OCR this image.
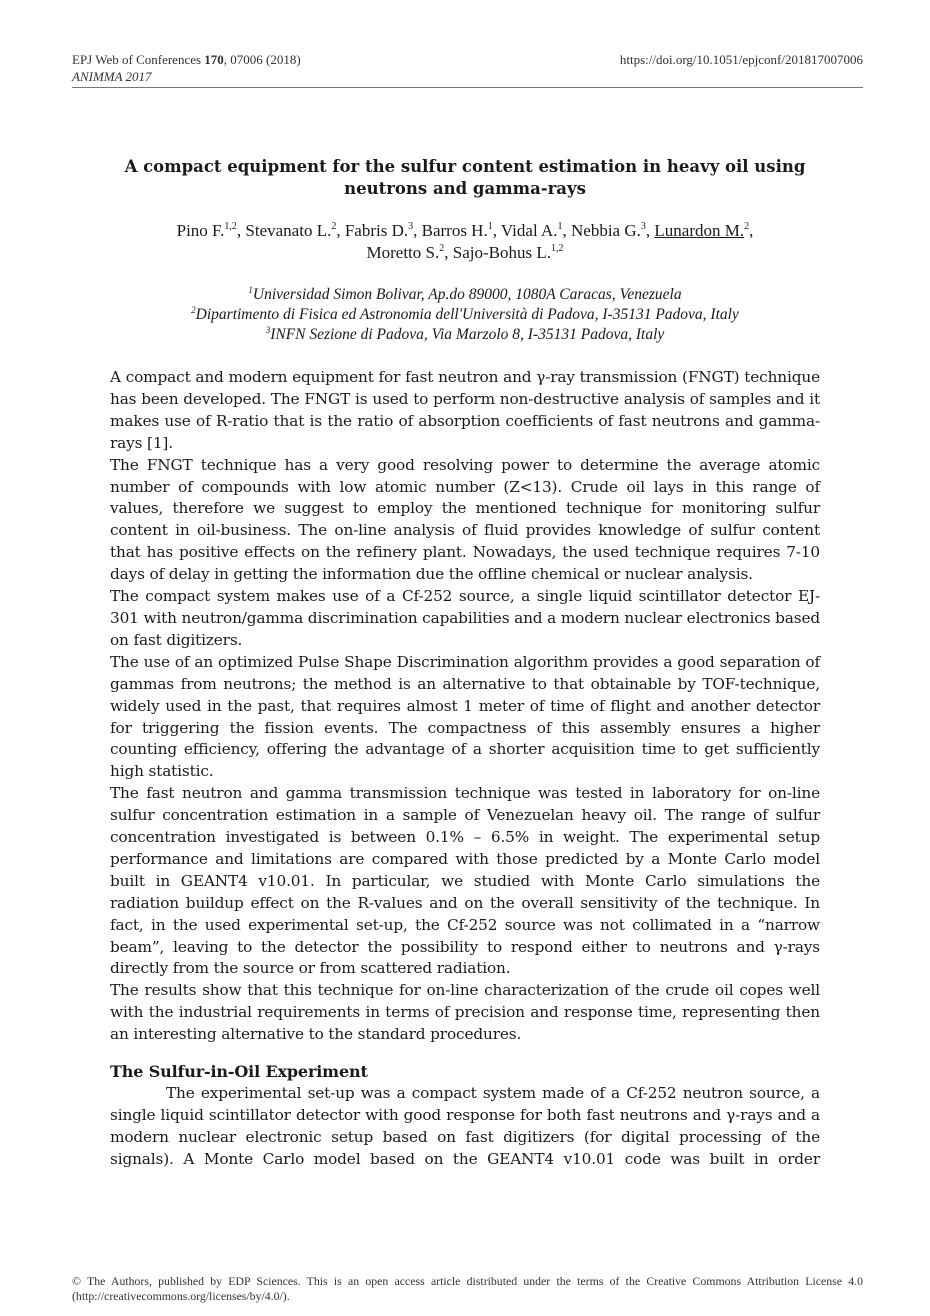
EPJ Web of Conferences 170, 07006 (2018)
ANIMMA 2017
https://doi.org/10.1051/epjconf/201817007006
A compact equipment for the sulfur content estimation in heavy oil using neutrons and gamma-rays
Pino F.$^{1,2}$, Stevanato L.$^2$, Fabris D.$^3$, Barros H.$^1$, Vidal A.$^1$, Nebbia G.$^3$, Lunardon M.$^2$,
Moretto S.$^2$, Sajo-Bohus L.$^{1,2}$
$^1$Universidad Simon Bolivar, Ap.do 89000, 1080A Caracas, Venezuela
$^2$Dipartimento di Fisica ed Astronomia dell'Università di Padova, I-35131 Padova, Italy
$^3$INFN Sezione di Padova, Via Marzolo 8, I-35131 Padova, Italy

A compact and modern equipment for fast neutron and γ-ray transmission (FNGT) technique has been developed. The FNGT is used to perform non-destructive analysis of samples and it makes use of R-ratio that is the ratio of absorption coefficients of fast neutrons and gamma-rays [1].

The FNGT technique has a very good resolving power to determine the average atomic number of compounds with low atomic number (Z<13). Crude oil lays in this range of values, therefore we suggest to employ the mentioned technique for monitoring sulfur content in oil-business. The on-line analysis of fluid provides knowledge of sulfur content that has positive effects on the refinery plant. Nowadays, the used technique requires 7-10 days of delay in getting the information due the offline chemical or nuclear analysis.

The compact system makes use of a Cf-252 source, a single liquid scintillator detector EJ-301 with neutron/gamma discrimination capabilities and a modern nuclear electronics based on fast digitizers.

The use of an optimized Pulse Shape Discrimination algorithm provides a good separation of gammas from neutrons; the method is an alternative to that obtainable by TOF-technique, widely used in the past, that requires almost 1 meter of time of flight and another detector for triggering the fission events. The compactness of this assembly ensures a higher counting efficiency, offering the advantage of a shorter acquisition time to get sufficiently high statistic.

The fast neutron and gamma transmission technique was tested in laboratory for on-line sulfur concentration estimation in a sample of Venezuelan heavy oil. The range of sulfur concentration investigated is between 0.1% – 6.5% in weight. The experimental setup performance and limitations are compared with those predicted by a Monte Carlo model built in GEANT4 v10.01. In particular, we studied with Monte Carlo simulations the radiation buildup effect on the R-values and on the overall sensitivity of the technique. In fact, in the used experimental set-up, the Cf-252 source was not collimated in a “narrow beam”, leaving to the detector the possibility to respond either to neutrons and γ-rays directly from the source or from scattered radiation.

The results show that this technique for on-line characterization of the crude oil copes well with the industrial requirements in terms of precision and response time, representing then an interesting alternative to the standard procedures.

The Sulfur-in-Oil Experiment

The experimental set-up was a compact system made of a Cf-252 neutron source, a single liquid scintillator detector with good response for both fast neutrons and γ-rays and a modern nuclear electronic setup based on fast digitizers (for digital processing of the signals). A Monte Carlo model based on the GEANT4 v10.01 code was built in order

© The Authors, published by EDP Sciences. This is an open access article distributed under the terms of the Creative Commons Attribution License 4.0 (http://creativecommons.org/licenses/by/4.0/).
